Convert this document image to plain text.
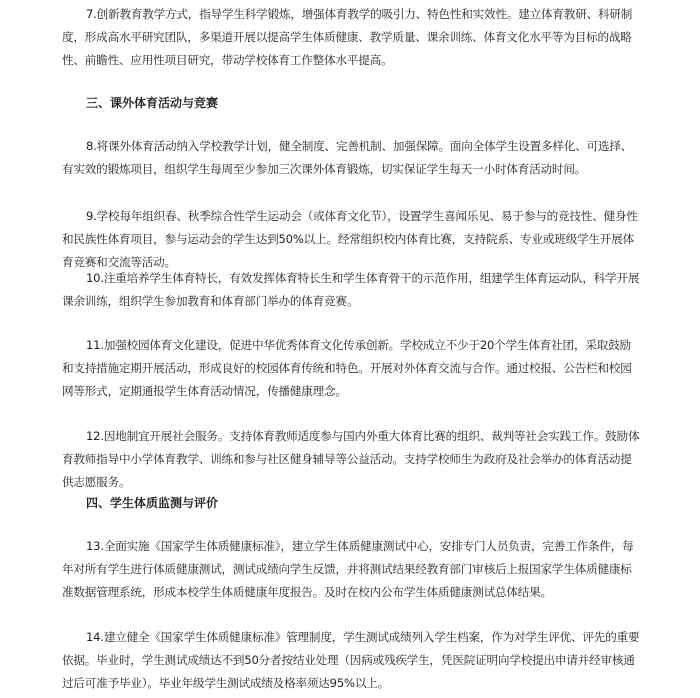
7.创新教育教学方式，指导学生科学锻炼，增强体育教学的吸引力、特色性和实效性。建立体育教研、科研制度，形成高水平研究团队，多渠道开展以提高学生体质健康、教学质量、课余训练、体育文化水平等为目标的战略性、前瞻性、应用性项目研究，带动学校体育工作整体水平提高。

三、课外体育活动与竞赛

8.将课外体育活动纳入学校教学计划，健全制度、完善机制、加强保障。面向全体学生设置多样化、可选择、有实效的锻炼项目，组织学生每周至少参加三次课外体育锻炼，切实保证学生每天一小时体育活动时间。

9.学校每年组织春、秋季综合性学生运动会（或体育文化节），设置学生喜闻乐见、易于参与的竞技性、健身性和民族性体育项目，参与运动会的学生达到50%以上。经常组织校内体育比赛，支持院系、专业或班级学生开展体育竞赛和交流等活动。

10.注重培养学生体育特长，有效发挥体育特长生和学生体育骨干的示范作用，组建学生体育运动队，科学开展课余训练，组织学生参加教育和体育部门举办的体育竞赛。

11.加强校园体育文化建设，促进中华优秀体育文化传承创新。学校成立不少于20个学生体育社团，采取鼓励和支持措施定期开展活动，形成良好的校园体育传统和特色。开展对外体育交流与合作。通过校报、公告栏和校园网等形式，定期通报学生体育活动情况，传播健康理念。

12.因地制宜开展社会服务。支持体育教师适度参与国内外重大体育比赛的组织、裁判等社会实践工作。鼓励体育教师指导中小学体育教学、训练和参与社区健身辅导等公益活动。支持学校师生为政府及社会举办的体育活动提供志愿服务。

四、学生体质监测与评价

13.全面实施《国家学生体质健康标准》，建立学生体质健康测试中心，安排专门人员负责，完善工作条件，每年对所有学生进行体质健康测试，测试成绩向学生反馈，并将测试结果经教育部门审核后上报国家学生体质健康标准数据管理系统，形成本校学生体质健康年度报告。及时在校内公布学生体质健康测试总体结果。

14.建立健全《国家学生体质健康标准》管理制度，学生测试成绩列入学生档案，作为对学生评优、评先的重要依据。毕业时，学生测试成绩达不到50分者按结业处理（因病或残疾学生，凭医院证明向学校提出申请并经审核通过后可准予毕业）。毕业年级学生测试成绩及格率须达95%以上。
